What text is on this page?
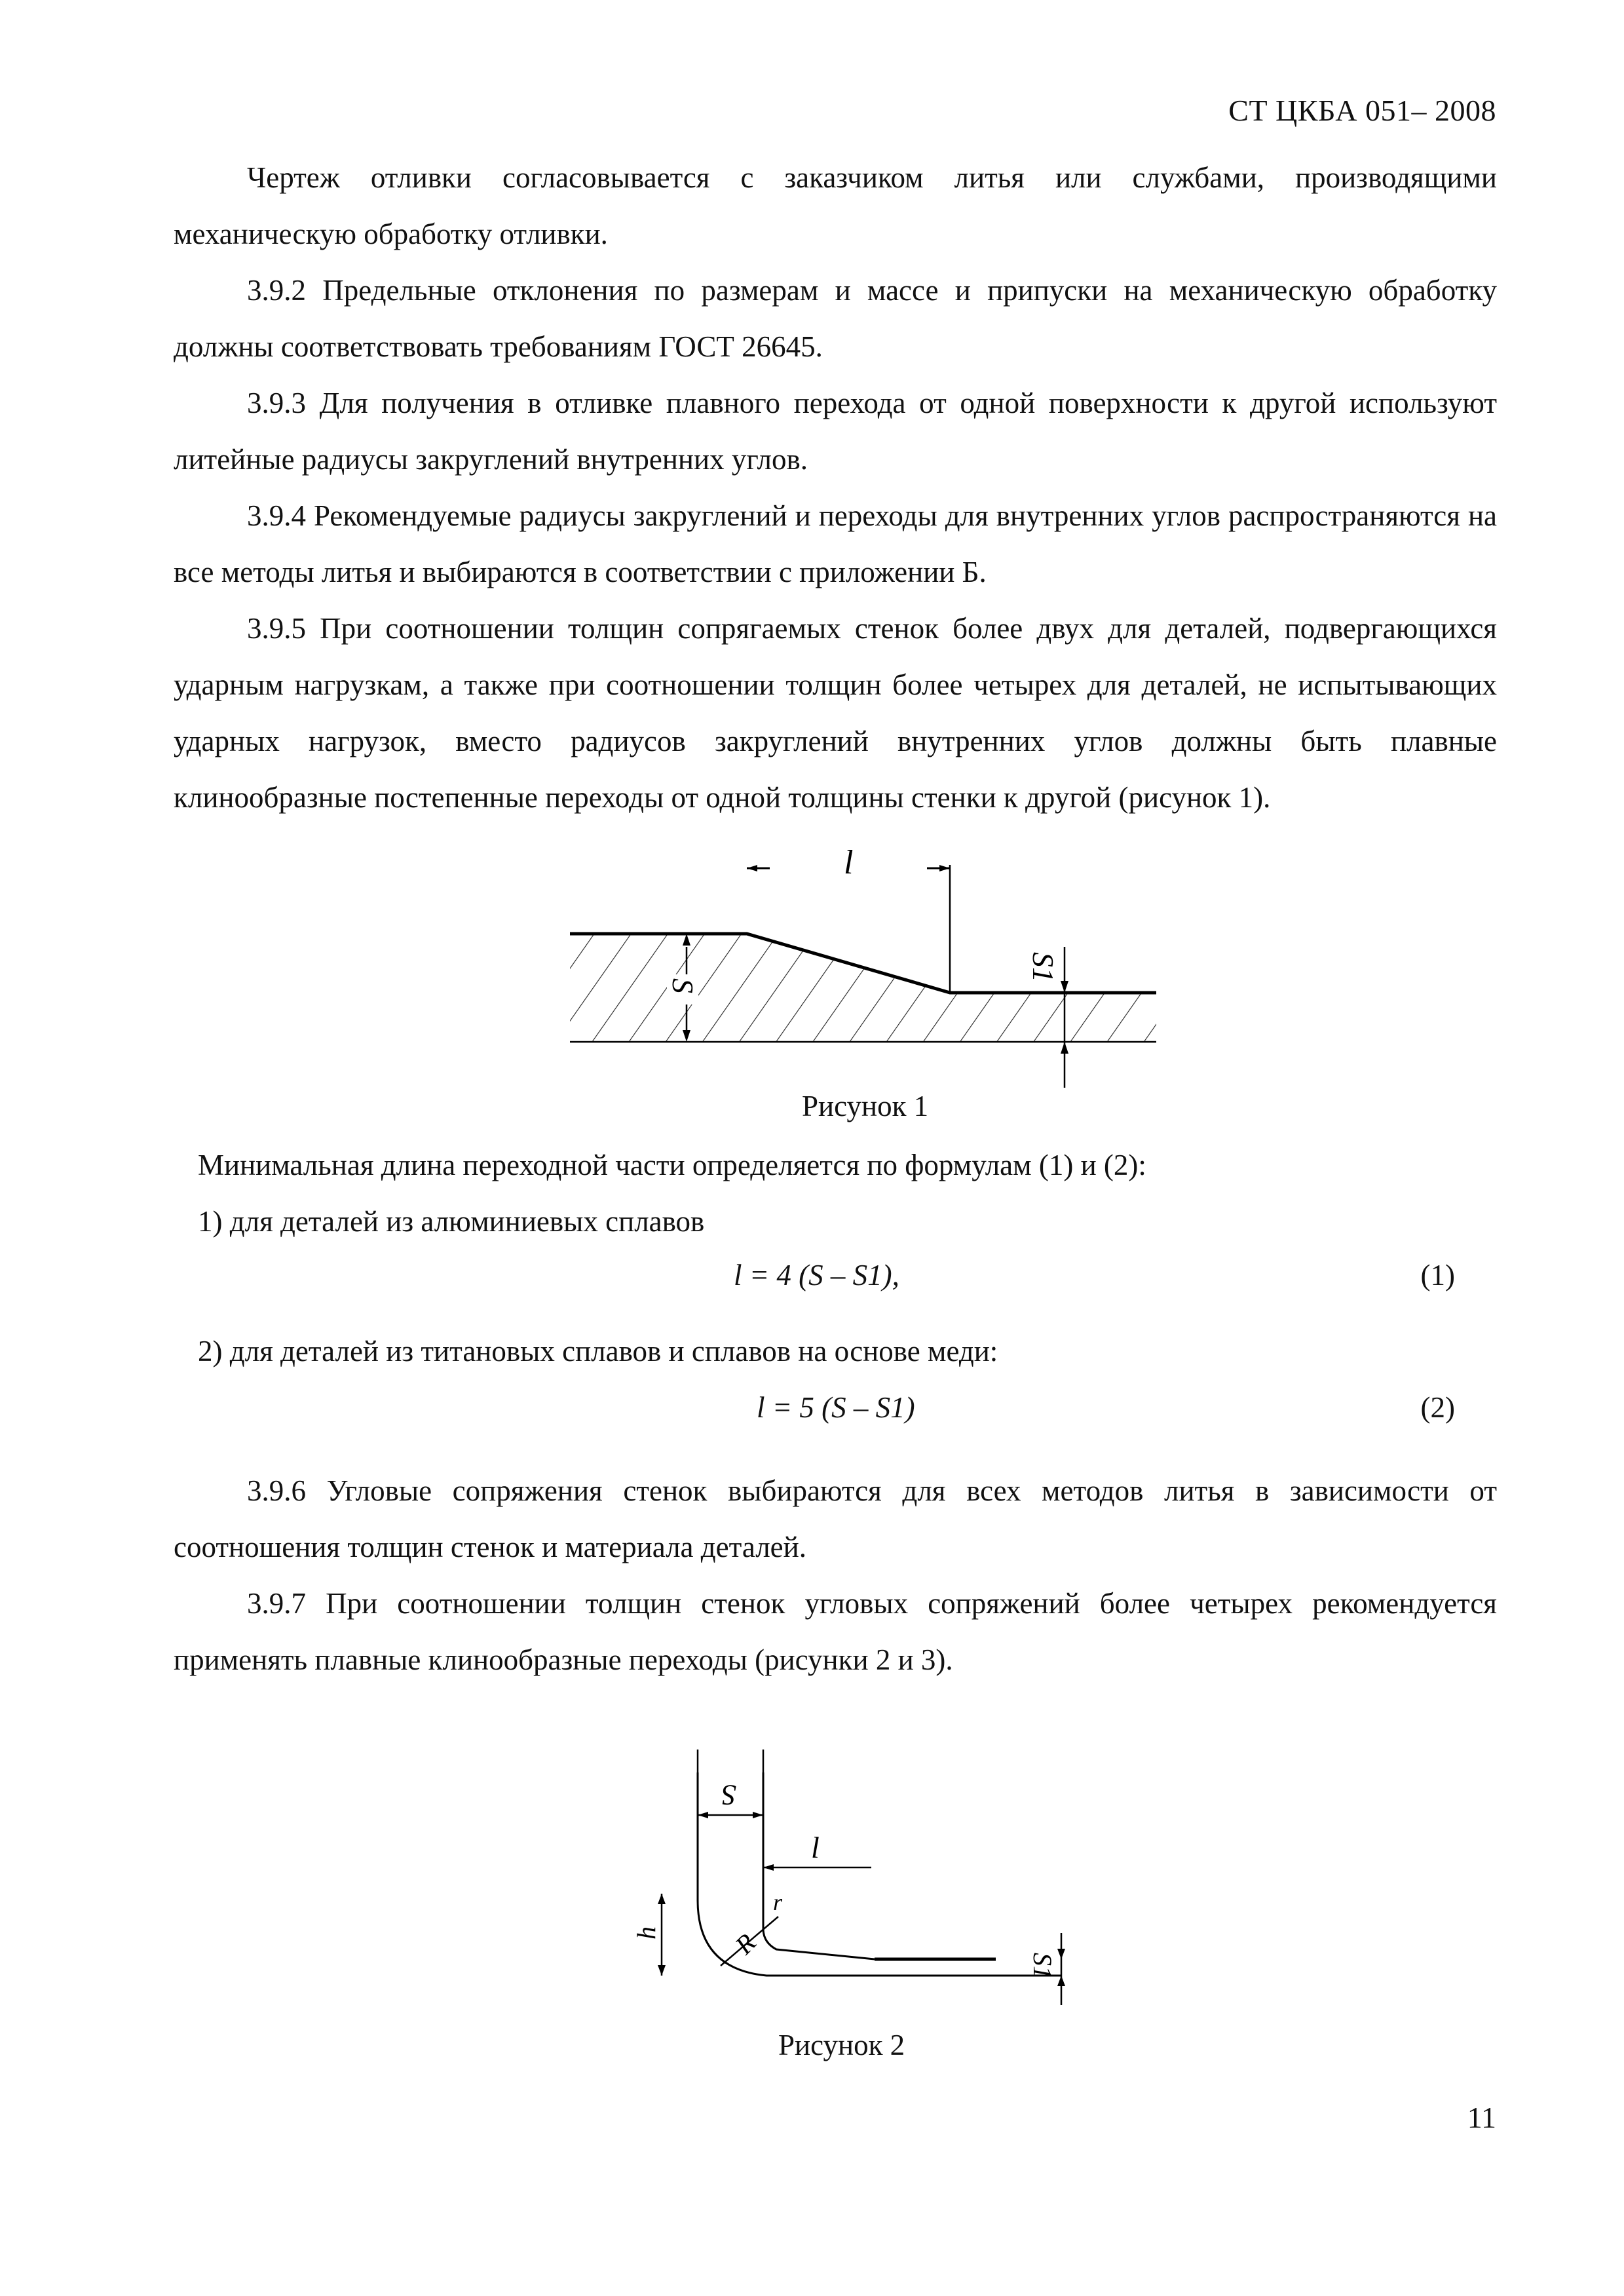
СТ ЦКБА 051– 2008

Чертеж отливки согласовывается с заказчиком литья или службами, производящими механическую обработку отливки.

3.9.2 Предельные отклонения по размерам и массе и припуски на механическую обработку должны соответствовать требованиям ГОСТ 26645.

3.9.3 Для получения в отливке плавного перехода от одной поверхности к другой используют литейные радиусы закруглений внутренних углов.

3.9.4 Рекомендуемые радиусы закруглений и переходы для внутренних углов распространяются на все методы литья и выбираются в соответствии с приложении Б.

3.9.5 При соотношении толщин сопрягаемых стенок более двух для деталей, подвергающихся ударным нагрузкам, а также при соотношении толщин более четырех для деталей, не испытывающих ударных нагрузок, вместо радиусов закруглений внутренних углов должны быть плавные клинообразные постепенные переходы от одной толщины стенки к другой (рисунок 1).

l
S1
S
Рисунок 1
Минимальная длина переходной части определяется по формулам (1) и (2):
1) для деталей из алюминиевых сплавов
l = 4 (S – S1),	(1)
2) для деталей из титановых сплавов и сплавов на основе меди:
l = 5 (S – S1)	(2)

3.9.6 Угловые сопряжения стенок выбираются для всех методов литья в зависимости от соотношения толщин стенок и материала деталей.

3.9.7 При соотношении толщин стенок угловых сопряжений более четырех рекомендуется применять плавные клинообразные переходы (рисунки 2 и 3).

S
l
r
R
h
S1
Рисунок 2
11
